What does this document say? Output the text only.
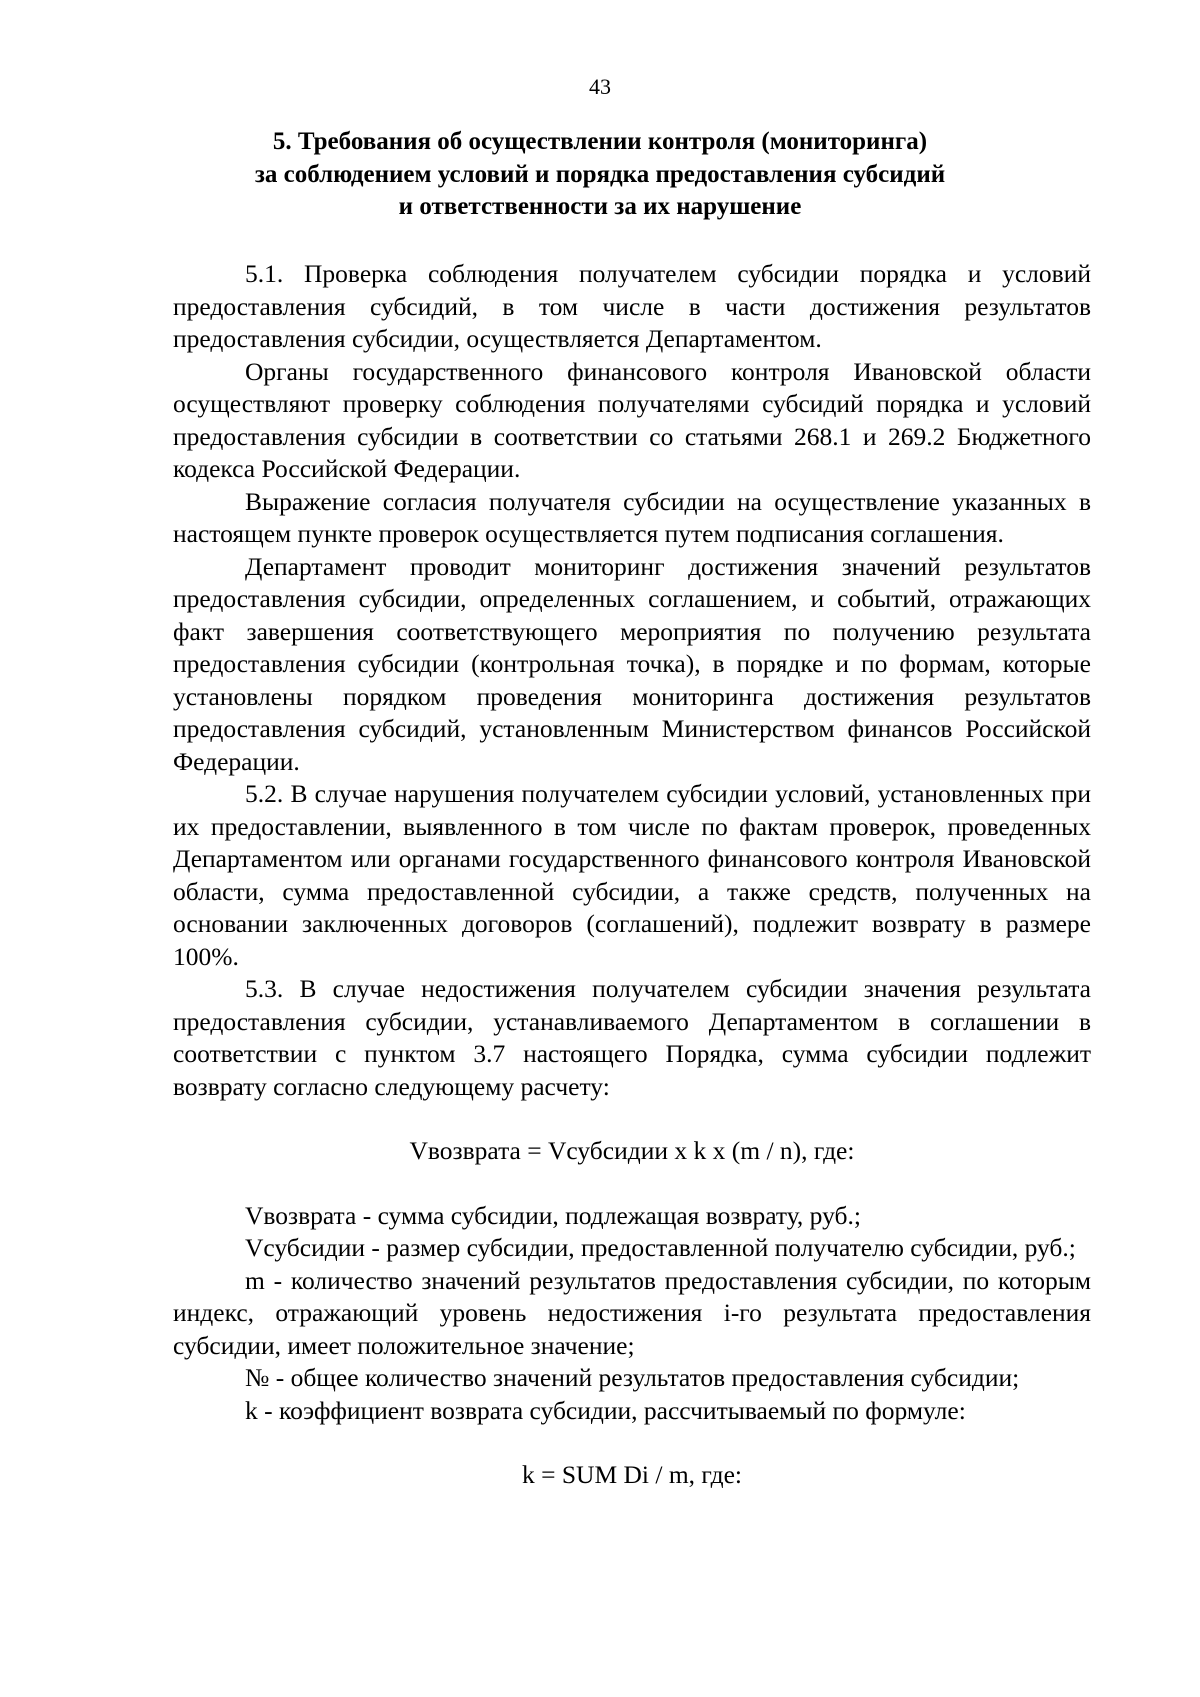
43
5. Требования об осуществлении контроля (мониторинга)
за соблюдением условий и порядка предоставления субсидий
и ответственности за их нарушение

5.1. Проверка соблюдения получателем субсидии порядка и условий предоставления субсидий, в том числе в части достижения результатов предоставления субсидии, осуществляется Департаментом.

Органы государственного финансового контроля Ивановской области осуществляют проверку соблюдения получателями субсидий порядка и условий предоставления субсидии в соответствии со статьями 268.1 и 269.2 Бюджетного кодекса Российской Федерации.

Выражение согласия получателя субсидии на осуществление указанных в настоящем пункте проверок осуществляется путем подписания соглашения.

Департамент проводит мониторинг достижения значений результатов предоставления субсидии, определенных соглашением, и событий, отражающих факт завершения соответствующего мероприятия по получению результата предоставления субсидии (контрольная точка), в порядке и по формам, которые установлены порядком проведения мониторинга достижения результатов предоставления субсидий, установленным Министерством финансов Российской Федерации.

5.2. В случае нарушения получателем субсидии условий, установленных при их предоставлении, выявленного в том числе по фактам проверок, проведенных Департаментом или органами государственного финансового контроля Ивановской области, сумма предоставленной субсидии, а также средств, полученных на основании заключенных договоров (соглашений), подлежит возврату в размере 100%.

5.3. В случае недостижения получателем субсидии значения результата предоставления субсидии, устанавливаемого Департаментом в соглашении в соответствии с пунктом 3.7 настоящего Порядка, сумма субсидии подлежит возврату согласно следующему расчету:

Vвозврата = Vсубсидии x k x (m / n), где:

Vвозврата - сумма субсидии, подлежащая возврату, руб.;

Vсубсидии - размер субсидии, предоставленной получателю субсидии, руб.;

m - количество значений результатов предоставления субсидии, по которым индекс, отражающий уровень недостижения i-го результата предоставления субсидии, имеет положительное значение;

№ - общее количество значений результатов предоставления субсидии;

k - коэффициент возврата субсидии, рассчитываемый по формуле:

k = SUM Di / m, где:
